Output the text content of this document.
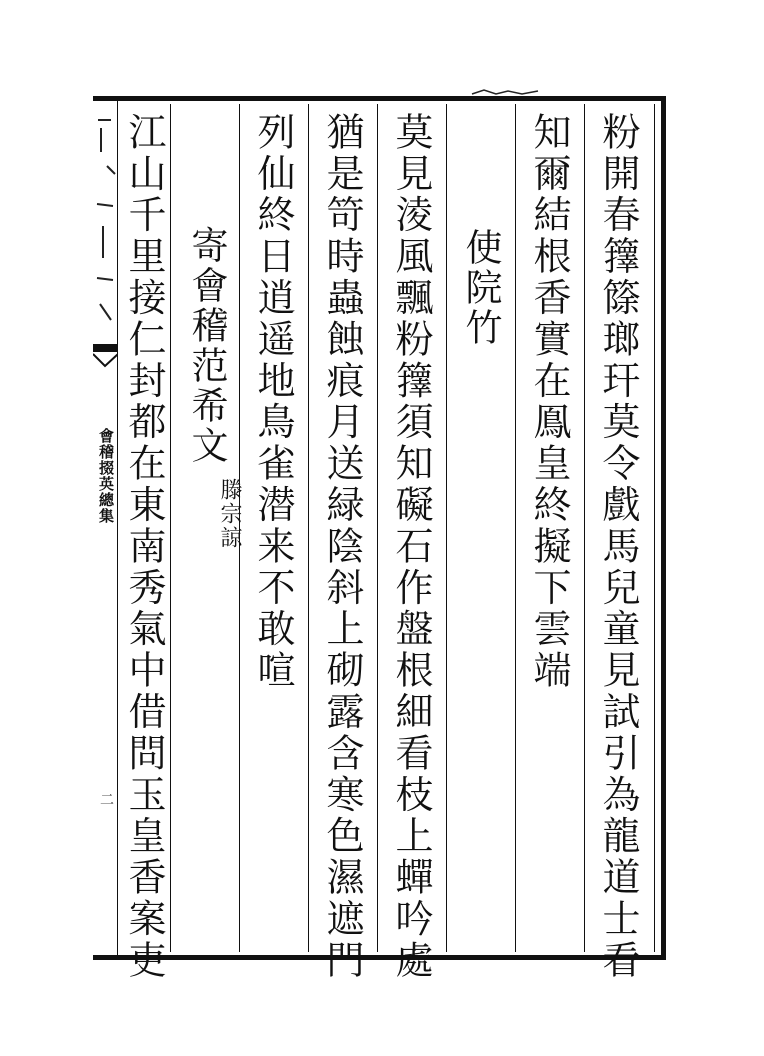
會稽掇英總集
二	粉開春籜篨瑯玕莫令戲馬兒童見試引為龍道士看
知爾結根香實在鳯皇終擬下雲端
使院竹
莫見淩風飄粉籜須知礙石作盤根細看枝上蟬吟處
猶是笴時蟲蝕痕月送緑陰斜上砌露含寒色濕遮門
列仙終日逍遥地鳥雀潜来不敢喧
寄會稽范希文
滕宗諒
江山千里接仁封都在東南秀氣中借問玉皇香案吏
